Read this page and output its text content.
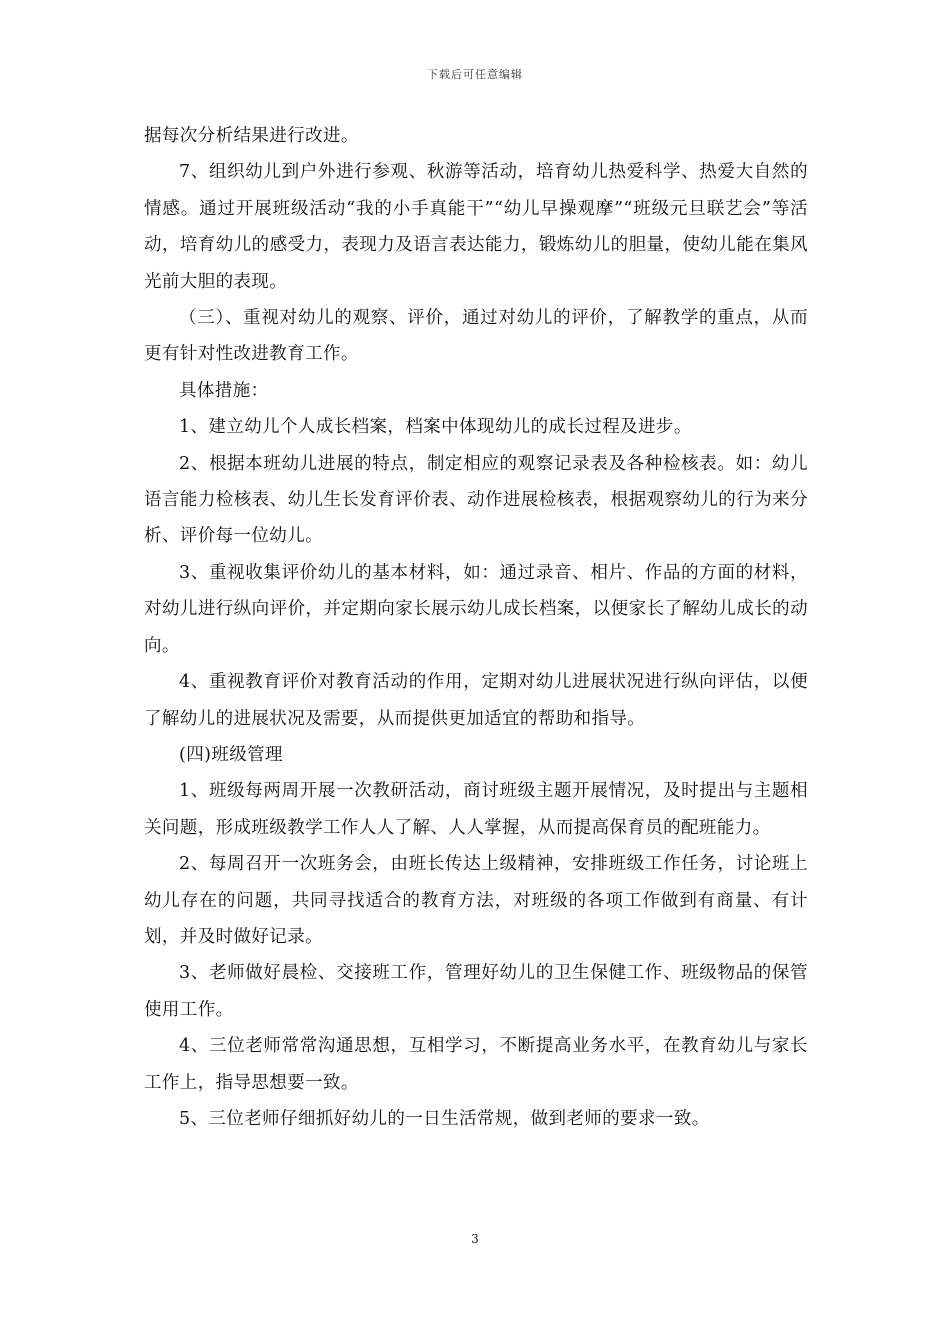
下载后可任意编辑

据每次分析结果进行改进。

7、组织幼儿到户外进行参观、秋游等活动，培育幼儿热爱科学、热爱大自然的情感。通过开展班级活动“我的小手真能干”“幼儿早操观摩”“班级元旦联艺会”等活动，培育幼儿的感受力，表现力及语言表达能力，锻炼幼儿的胆量，使幼儿能在集风光前大胆的表现。

（三）、重视对幼儿的观察、评价，通过对幼儿的评价，了解教学的重点，从而更有针对性改进教育工作。

具体措施：

1、建立幼儿个人成长档案，档案中体现幼儿的成长过程及进步。

2、根据本班幼儿进展的特点，制定相应的观察记录表及各种检核表。如：幼儿语言能力检核表、幼儿生长发育评价表、动作进展检核表，根据观察幼儿的行为来分析、评价每一位幼儿。

3、重视收集评价幼儿的基本材料，如：通过录音、相片、作品的方面的材料，对幼儿进行纵向评价，并定期向家长展示幼儿成长档案，以便家长了解幼儿成长的动向。

4、重视教育评价对教育活动的作用，定期对幼儿进展状况进行纵向评估，以便了解幼儿的进展状况及需要，从而提供更加适宜的帮助和指导。

(四)班级管理

1、班级每两周开展一次教研活动，商讨班级主题开展情况，及时提出与主题相关问题，形成班级教学工作人人了解、人人掌握，从而提高保育员的配班能力。

2、每周召开一次班务会，由班长传达上级精神，安排班级工作任务，讨论班上幼儿存在的问题，共同寻找适合的教育方法，对班级的各项工作做到有商量、有计划，并及时做好记录。

3、老师做好晨检、交接班工作，管理好幼儿的卫生保健工作、班级物品的保管使用工作。

4、三位老师常常沟通思想，互相学习，不断提高业务水平，在教育幼儿与家长工作上，指导思想要一致。

5、三位老师仔细抓好幼儿的一日生活常规，做到老师的要求一致。

3
